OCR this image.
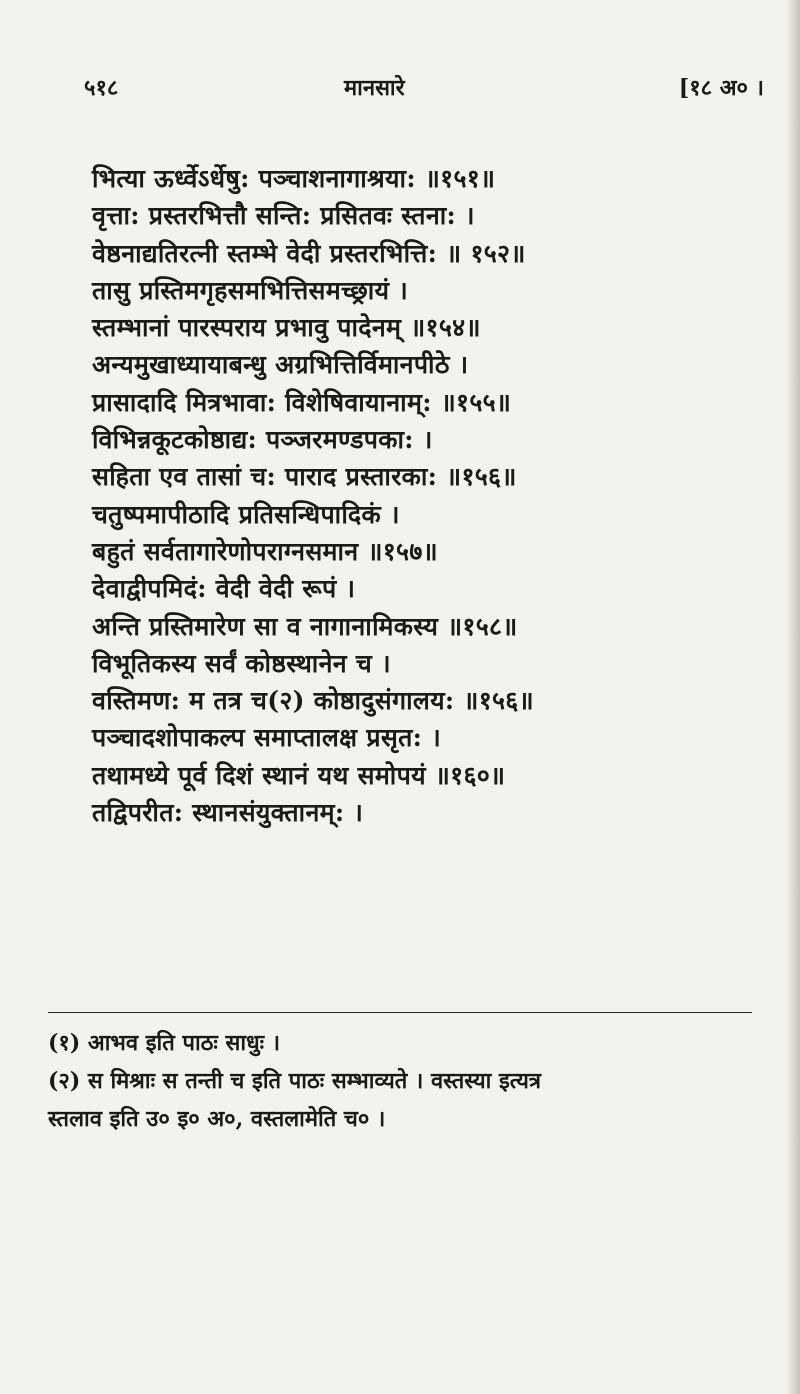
५१८	मानसारे	[१८ अ० ।
भित्या ऊर्ध्वेऽर्धेषु: पञ्चाशनागाश्रया: ॥१५१॥
वृत्ता: प्रस्तरभित्तौ सन्ति: प्रसितवः स्तना: ।
वेष्ठनाद्यतिरत्नी स्तम्भे वेदी प्रस्तरभित्ति: ॥ १५२॥
तासु प्रस्तिमगृहसमभित्तिसमच्छ्रायं ।
स्तम्भानां पारस्पराय प्रभावु पादेनम् ॥१५४॥
अन्यमुखाध्यायाबन्धु अग्रभित्तिर्विमानपीठे ।
प्रासादादि मित्रभावा: विशेषिवायानाम्: ॥१५५॥
विभिन्नकूटकोष्ठाद्य: पञ्जरमण्डपका: ।
सहिता एव तासां च: पाराद प्रस्तारका: ॥१५६॥
चतुष्पमापीठादि प्रतिसन्धिपादिकं ।
बहुतं सर्वतागारेणोपराग्नसमान ॥१५७॥
देवाद्वीपमिदं: वेदी वेदी रूपं ।
अन्ति प्रस्तिमारेण सा व नागानामिकस्य ॥१५८॥
विभूतिकस्य सर्वं कोष्ठस्थानेन च ।
वस्तिमण: म तत्र च(२) कोष्ठादुसंगालय: ॥१५६॥
पञ्चादशोपाकल्प समाप्तालक्ष प्रसृत: ।
तथामध्ये पूर्व दिशं स्थानं यथ समोपयं ॥१६०॥
तद्विपरीत: स्थानसंयुक्तानम्: ।
(१) आभव इति पाठः साधुः ।
(२) स मिश्राः स तन्ती च इति पाठः सम्भाव्यते । वस्तस्या इत्यत्र
स्तलाव इति उ० इ० अ०, वस्तलामेति च० ।
